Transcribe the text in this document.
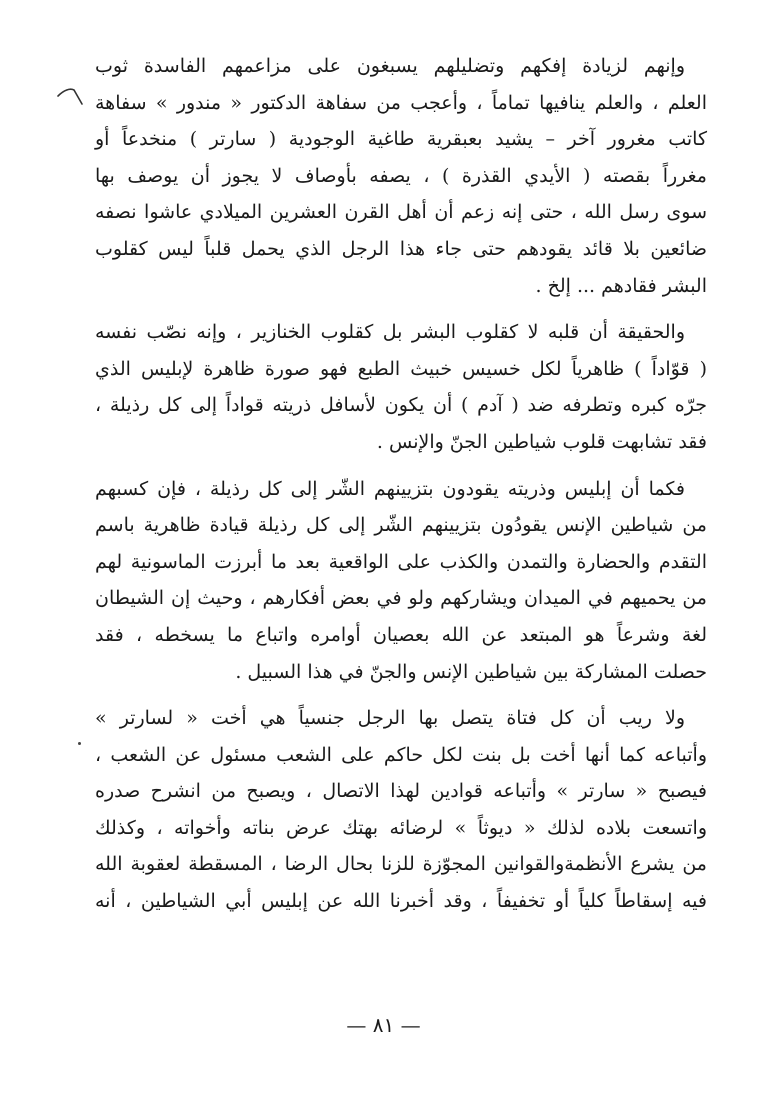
وإنهم لزيادة إفكهم وتضليلهم يسبغون على مزاعمهم الفاسدة ثوب
العلم ، والعلم ينافيها تماماً ، وأعجب من سفاهة الدكتور « مندور » سفاهة
كاتب مغرور آخر – يشيد بعبقرية طاغية الوجودية ( سارتر ) منخدعاً أو
مغرراً بقصته ( الأيدي القذرة ) ، يصفه بأوصاف لا يجوز أن يوصف بها
سوى رسل الله ، حتى إنه زعم أن أهل القرن العشرين الميلادي عاشوا نصفه
ضائعين بلا قائد يقودهم حتى جاء هذا الرجل الذي يحمل قلباً ليس كقلوب
البشر فقادهم ... إلخ .

والحقيقة أن قلبه لا كقلوب البشر بل كقلوب الخنازير ، وإنه نصّب نفسه
( قوّاداً ) ظاهرياً لكل خسيس خبيث الطبع فهو صورة ظاهرة لإبليس الذي
جرّه كبره وتطرفه ضد ( آدم ) أن يكون لأسافل ذريته قواداً إلى كل رذيلة ،
فقد تشابهت قلوب شياطين الجنّ والإنس .

فكما أن إبليس وذريته يقودون بتزيينهم الشّر إلى كل رذيلة ، فإن كسبهم
من شياطين الإنس يقودُون بتزيينهم الشّر إلى كل رذيلة قيادة ظاهرية باسم
التقدم والحضارة والتمدن والكذب على الواقعية بعد ما أبرزت الماسونية لهم
من يحميهم في الميدان ويشاركهم ولو في بعض أفكارهم ، وحيث إن الشيطان
لغة وشرعاً هو المبتعد عن الله بعصيان أوامره واتباع ما يسخطه ، فقد
حصلت المشاركة بين شياطين الإنس والجنّ في هذا السبيل .

ولا ريب أن كل فتاة يتصل بها الرجل جنسياً هي أخت « لسارتر »
وأتباعه كما أنها أخت بل بنت لكل حاكم على الشعب مسئول عن الشعب ،
فيصبح « سارتر » وأتباعه قوادين لهذا الاتصال ، ويصبح من انشرح صدره
واتسعت بلاده لذلك « ديوثاً » لرضائه بهتك عرض بناته وأخواته ، وكذلك
من يشرع الأنظمةوالقوانين المجوّزة للزنا بحال الرضا ، المسقطة لعقوبة الله
فيه إسقاطاً كلياً أو تخفيفاً ، وقد أخبرنا الله عن إبليس أبي الشياطين ، أنه

— ٨١ —
